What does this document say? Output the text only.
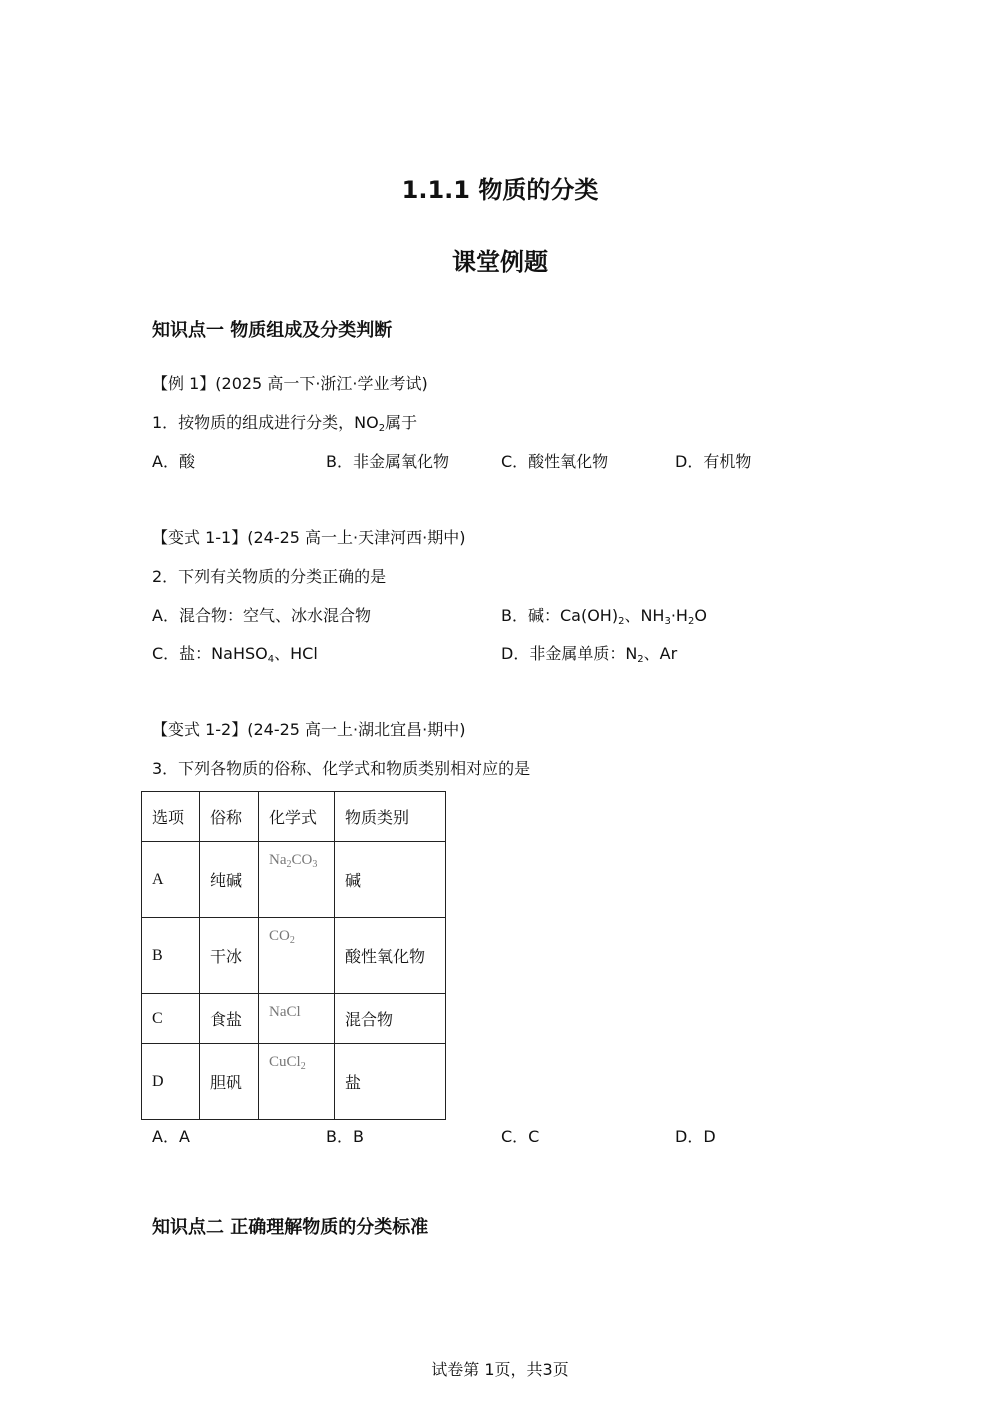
1.1.1 物质的分类
课堂例题
知识点一 物质组成及分类判断
【例 1】(2025 高一下·浙江·学业考试)
1．按物质的组成进行分类，$NO_2$属于
A．酸	B．非金属氧化物	C．酸性氧化物	D．有机物
【变式 1-1】(24-25 高一上·天津河西·期中)
2．下列有关物质的分类正确的是
A．混合物：空气、冰水混合物	B．碱：$Ca(OH)_2$、$NH_3\cdot H_2O$
C．盐：NaHSO$_4$、HCl	D．非金属单质：$N_2$、Ar
【变式 1-2】(24-25 高一上·湖北宜昌·期中)
3．下列各物质的俗称、化学式和物质类别相对应的是
选项	俗称	化学式	物质类别
A	纯碱	$Na_2CO_3$	碱
B	干冰	$CO_2$	酸性氧化物
C	食盐	NaCl	混合物
D	胆矾	CuCl$_2$	盐
A．A	B．B	C．C	D．D
知识点二 正确理解物质的分类标准
试卷第 1页，共3页
